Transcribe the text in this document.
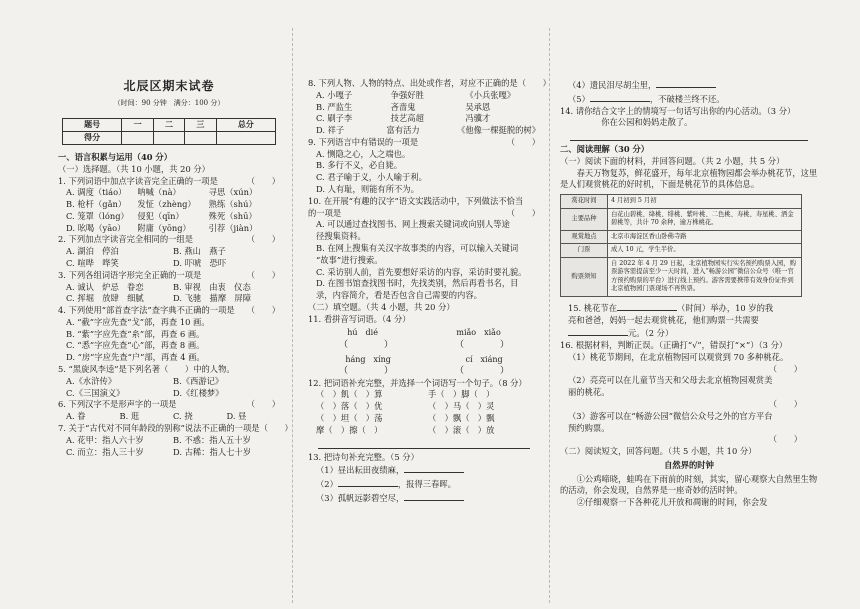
北辰区期末试卷
（时间：90 分钟　满分：100 分）
题号	一	二	三	总分
得分				
一、语言积累与运用（40 分）
（一）选择题。（共 10 小题，共 20 分）
1. 下列词语中加点字读音完全正确的一项是	（　　）
A. 调度（tiáo）	呐喊（nà）	寻思（xún）
B. 枪杆（gǎn）	发怔（zhèng）	熟练（shú）
C. 笼罩（lóng）	侵犯（qīn）	殊死（shū）
D. 吆喝（yāo）	附庸（yōng）	引荐（jiàn）
2. 下列加点字读音完全相同的一组是	（　　）
A. 湖泊　停泊	B. 燕山　燕子
C. 喧哗　哗笑	D. 吓唬　恐吓
3. 下列各组词语字形完全正确的一项是	（　　）
A. 诚认　炉忌　眷恋	B. 审视　由衷　仪态
C. 挥堀　放肆　细腻	D. 飞驰　描摩　屏障
4. 下列使用“部首查字法”查字典不正确的一项是 （　　）
A. “截”字应先查“戈”部，再查 10 画。
B. “紫”字应先查“糸”部，再查 6 画。
C. “悉”字应先查“心”部，再查 8 画。
D. “房”字应先查“户”部，再查 4 画。
5. “黑旋风李逵”是下列名著（　　）中的人物。
A.《水浒传》	B.《西游记》
C.《三国演义》	D.《红楼梦》
6. 下列汉字不是形声字的一项是	（　　）
A. 眷	B. 逛	C. 挠	D. 昼
7. 关于“古代对不同年龄段的别称”说法不正确的一项是 （　　）
A. 花甲：指人六十岁	B. 不惑：指人五十岁
C. 而立：指人三十岁	D. 古稀：指人七十岁
8. 下列人物、人物的特点、出处或作者，对应不正确的是 （　　）
A. 小嘎子	争强好胜	《小兵张嘎》
B. 严监生	吝啬鬼	吴承恩
C. 刷子李	技艺高超	冯骥才
D. 祥子	富有活力	《他像一棵挺脱的树》
9. 下列语言中有错误的一项是	（　　）
A. 恻隐之心，人之端也。
B. 多行不义，必自毙。
C. 君子喻于义，小人喻于利。
D. 人有耻，则能有所不为。
10. 在开展“有趣的汉字”语文实践活动中，下列做法不恰当
的一项是	（　　）
A. 可以通过查找图书、网上搜索关键词或向别人等途
径搜集资料。
B. 在网上搜集有关汉字故事类的内容，可以输入关键词
“故事”进行搜索。
C. 采访别人前，首先要想好采访的内容，采访时要礼貌。
D. 在图书馆查找图书时，先找类别，然后再看书名，目
录，内容简介，看是否包含自己需要的内容。
（二）填空题。（共 4 小题，共 20 分）
11. 看拼音写词语。（4 分）
hú　dié	miǎo　xiǎo
（　　　　）	（　　　　）
háng　xíng	cí　xiáng
（　　　　）	（　　　　）
12. 把词语补充完整，并选择一个词语写一个句子。（8 分）
（　）飢（　）算	手（　）脚（　）
（　）落（　）优	（　）马（　）灵
（　）坦（　）荡	（　）飘（　）飘
摩（　）擦（　）	（　）滚（　）放
13. 把诗句补充完整。（5 分）
（1）昼出耘田夜绩麻，
（2）	，报得三春晖。
（3）孤帆远影碧空尽，
（4）遗民泪尽胡尘里，
（5）	，不破楼兰终不还。
14. 请你结合文字上的情境写一句话写出你的内心活动。（3 分）
　　　　你在公园和妈妈走散了。
二、阅读理解（30 分）
（一）阅读下面的材料，并回答问题。（共 2 小题，共 5 分）
春天万物复苏，鲜花盛开，每年北京植物园都会举办桃花节，这里是人们观赏桃花的好时机，下面是桃花节的具体信息。
赏花时间	4 月初到 5 月初
主要品种	白花山碧桃、绛桃、绯桃、紫叶桃、二色桃、寿桃、寿星桃、洒金碧桃等，共计 70 余种，逾万株桃花。
观赏地点	北京市海淀区香山卧佛寺路
门票	成人 10 元，学生半价。
购票须知	自 2022 年 4 月 29 日起，北京植物园实行实名预约购票入园，购票游客需提前至少一天时间，进入“畅游公园”微信公众号（唯一官方预约购票的平台）进行线上预约。游客需要携带有效身份证件到北京植物园门票现场不再售票。
15. 桃花节在	（时间）举办，10 岁的我
亮和爸爸，妈妈一起去观赏桃花，他们购票一共需要
元。（2 分）
16. 根据材料，判断正误。（正确打“√”，错误打“×”）（3 分）
（1）桃花节期间，在北京植物园可以观赏到 70 多种桃花。
（　　）
（2）亮亮可以在儿童节当天和父母去北京植物园观赏美
丽的桃花。
（　　）
（3）游客可以在“畅游公园”微信公众号之外的官方平台
预约购票。
（　　）
（二）阅读短文，回答问题。（共 5 小题，共 10 分）
自然界的时钟
①公鸡啼晓，蛙鸣在下雨前的时刻，其实，留心观察大自然里生物的活动，你会发现，自然界是一座奇妙的活时钟。
②仔细观察一下各种花儿开放和凋谢的时间，你会发
